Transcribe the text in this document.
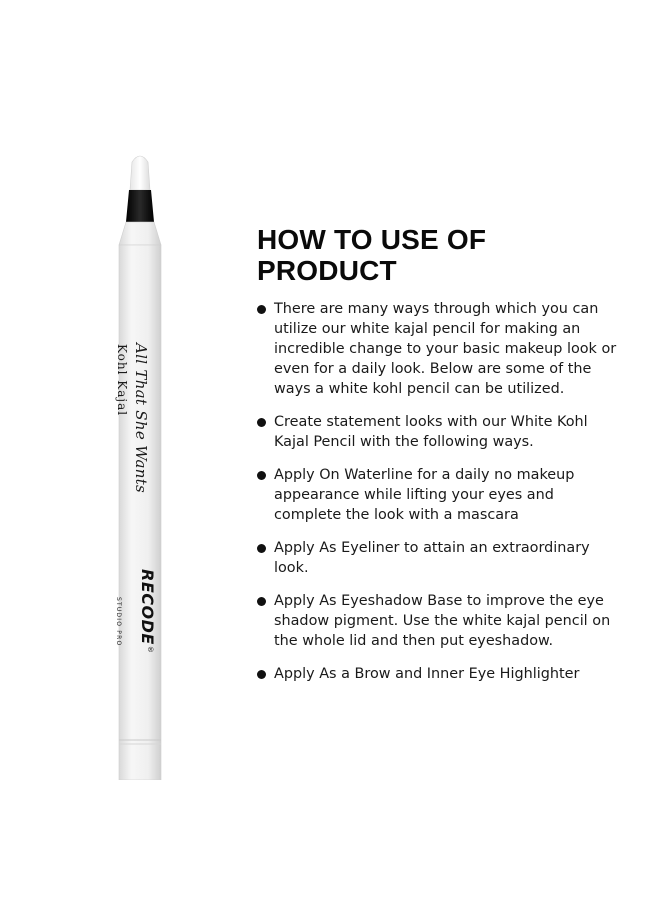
All That She Wants
Kohl Kajal
RECODE®
STUDIO PRO
HOW TO USE OF
PRODUCT
There are many ways through which you can utilize our white kajal pencil for making an incredible change to your basic makeup look or even for a daily look. Below are some of the ways a white kohl pencil can be utilized.
Create statement looks with our White Kohl Kajal Pencil with the following ways.
Apply On Waterline for a daily no makeup appearance while lifting your eyes and complete the look with a mascara
Apply As Eyeliner to attain an extraordinary look.
Apply As Eyeshadow Base to improve the eye shadow pigment. Use the white kajal pencil on the whole lid and then put eyeshadow.
Apply As a Brow and Inner Eye Highlighter
